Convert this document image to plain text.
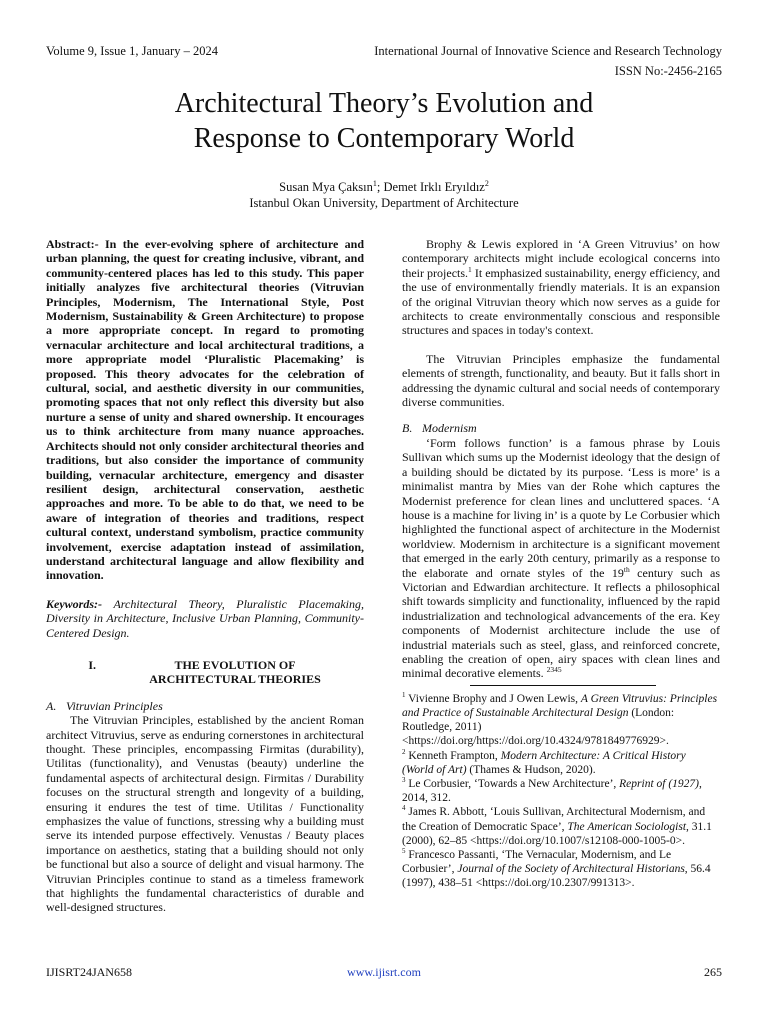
Volume 9, Issue 1, January – 2024	International Journal of Innovative Science and Research Technology
ISSN No:-2456-2165
Architectural Theory’s Evolution and
Response to Contemporary World
Susan Mya Çaksın$^1$; Demet Irklı Eryıldız$^2$
Istanbul Okan University, Department of Architecture

Abstract:- In the ever-evolving sphere of architecture and urban planning, the quest for creating inclusive, vibrant, and community-centered places has led to this study. This paper initially analyzes five architectural theories (Vitruvian Principles, Modernism, The International Style, Post Modernism, Sustainability & Green Architecture) to propose a more appropriate concept. In regard to promoting vernacular architecture and local architectural traditions, a more appropriate model ‘Pluralistic Placemaking’ is proposed. This theory advocates for the celebration of cultural, social, and aesthetic diversity in our communities, promoting spaces that not only reflect this diversity but also nurture a sense of unity and shared ownership. It encourages us to think architecture from many nuance approaches. Architects should not only consider architectural theories and traditions, but also consider the importance of community building, vernacular architecture, emergency and disaster resilient design, architectural conservation, aesthetic approaches and more. To be able to do that, we need to be aware of integration of theories and traditions, respect cultural context, understand symbolism, practice community involvement, exercise adaptation instead of assimilation, understand architectural language and allow flexibility and innovation.

Keywords:- Architectural Theory, Pluralistic Placemaking, Diversity in Architecture, Inclusive Urban Planning, Community-Centered Design.

I.	THE EVOLUTION OF ARCHITECTURAL THEORIES

A. Vitruvian Principles

The Vitruvian Principles, established by the ancient Roman architect Vitruvius, serve as enduring cornerstones in architectural thought. These principles, encompassing Firmitas (durability), Utilitas (functionality), and Venustas (beauty) underline the fundamental aspects of architectural design. Firmitas / Durability focuses on the structural strength and longevity of a building, ensuring it endures the test of time. Utilitas / Functionality emphasizes the value of functions, stressing why a building must serve its intended purpose effectively. Venustas / Beauty places importance on aesthetics, stating that a building should not only be functional but also a source of delight and visual harmony. The Vitruvian Principles continue to stand as a timeless framework that highlights the fundamental characteristics of durable and well-designed structures.

Brophy & Lewis explored in ‘A Green Vitruvius’ on how contemporary architects might include ecological concerns into their projects.$^1$ It emphasized sustainability, energy efficiency, and the use of environmentally friendly materials. It is an expansion of the original Vitruvian theory which now serves as a guide for architects to create environmentally conscious and responsible structures and spaces in today's context.

The Vitruvian Principles emphasize the fundamental elements of strength, functionality, and beauty. But it falls short in addressing the dynamic cultural and social needs of contemporary diverse communities.

B. Modernism

‘Form follows function’ is a famous phrase by Louis Sullivan which sums up the Modernist ideology that the design of a building should be dictated by its purpose. ‘Less is more’ is a minimalist mantra by Mies van der Rohe which captures the Modernist preference for clean lines and uncluttered spaces. ‘A house is a machine for living in’ is a quote by Le Corbusier which highlighted the functional aspect of architecture in the Modernist worldview. Modernism in architecture is a significant movement that emerged in the early 20th century, primarily as a response to the elaborate and ornate styles of the 19th century such as Victorian and Edwardian architecture. It reflects a philosophical shift towards simplicity and functionality, influenced by the rapid industrialization and technological advancements of the era. Key components of Modernist architecture include the use of industrial materials such as steel, glass, and reinforced concrete, enabling the creation of open, airy spaces with clean lines and minimal decorative elements. $^{2345}$

$^1$ Vivienne Brophy and J Owen Lewis, A Green Vitruvius: Principles and Practice of Sustainable Architectural Design (London: Routledge, 2011) <https://doi.org/https://doi.org/10.4324/9781849776929>.

$^2$ Kenneth Frampton, Modern Architecture: A Critical History (World of Art) (Thames & Hudson, 2020).

$^3$ Le Corbusier, ‘Towards a New Architecture’, Reprint of (1927), 2014, 312.

$^4$ James R. Abbott, ‘Louis Sullivan, Architectural Modernism, and the Creation of Democratic Space’, The American Sociologist, 31.1 (2000), 62–85 <https://doi.org/10.1007/s12108-000-1005-0>.

$^5$ Francesco Passanti, ‘The Vernacular, Modernism, and Le Corbusier’, Journal of the Society of Architectural Historians, 56.4 (1997), 438–51 <https://doi.org/10.2307/991313>.

IJISRT24JAN658	www.ijisrt.com	265
